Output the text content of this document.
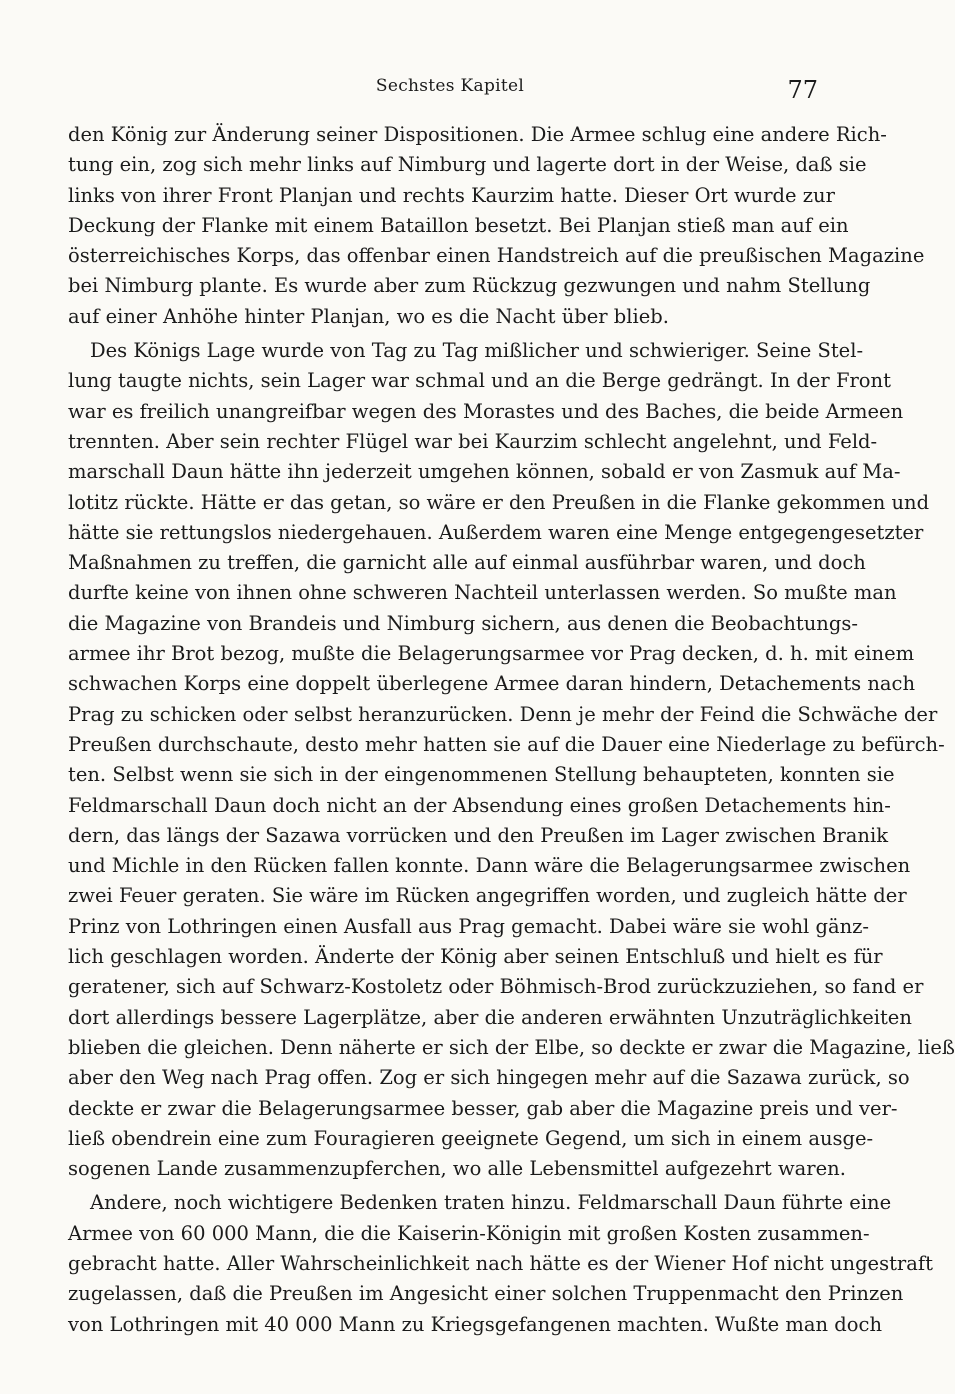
Sechstes Kapitel	77
den König zur Änderung seiner Dispositionen. Die Armee schlug eine andere Rich-
tung ein, zog sich mehr links auf Nimburg und lagerte dort in der Weise, daß sie
links von ihrer Front Planjan und rechts Kaurzim hatte. Dieser Ort wurde zur
Deckung der Flanke mit einem Bataillon besetzt. Bei Planjan stieß man auf ein
österreichisches Korps, das offenbar einen Handstreich auf die preußischen Magazine
bei Nimburg plante. Es wurde aber zum Rückzug gezwungen und nahm Stellung
auf einer Anhöhe hinter Planjan, wo es die Nacht über blieb.
Des Königs Lage wurde von Tag zu Tag mißlicher und schwieriger. Seine Stel-
lung taugte nichts, sein Lager war schmal und an die Berge gedrängt. In der Front
war es freilich unangreifbar wegen des Morastes und des Baches, die beide Armeen
trennten. Aber sein rechter Flügel war bei Kaurzim schlecht angelehnt, und Feld-
marschall Daun hätte ihn jederzeit umgehen können, sobald er von Zasmuk auf Ma-
lotitz rückte. Hätte er das getan, so wäre er den Preußen in die Flanke gekommen und
hätte sie rettungslos niedergehauen. Außerdem waren eine Menge entgegengesetzter
Maßnahmen zu treffen, die garnicht alle auf einmal ausführbar waren, und doch
durfte keine von ihnen ohne schweren Nachteil unterlassen werden. So mußte man
die Magazine von Brandeis und Nimburg sichern, aus denen die Beobachtungs-
armee ihr Brot bezog, mußte die Belagerungsarmee vor Prag decken, d. h. mit einem
schwachen Korps eine doppelt überlegene Armee daran hindern, Detachements nach
Prag zu schicken oder selbst heranzurücken. Denn je mehr der Feind die Schwäche der
Preußen durchschaute, desto mehr hatten sie auf die Dauer eine Niederlage zu befürch-
ten. Selbst wenn sie sich in der eingenommenen Stellung behaupteten, konnten sie
Feldmarschall Daun doch nicht an der Absendung eines großen Detachements hin-
dern, das längs der Sazawa vorrücken und den Preußen im Lager zwischen Branik
und Michle in den Rücken fallen konnte. Dann wäre die Belagerungsarmee zwischen
zwei Feuer geraten. Sie wäre im Rücken angegriffen worden, und zugleich hätte der
Prinz von Lothringen einen Ausfall aus Prag gemacht. Dabei wäre sie wohl gänz-
lich geschlagen worden. Änderte der König aber seinen Entschluß und hielt es für
geratener, sich auf Schwarz-Kostoletz oder Böhmisch-Brod zurückzuziehen, so fand er
dort allerdings bessere Lagerplätze, aber die anderen erwähnten Unzuträglichkeiten
blieben die gleichen. Denn näherte er sich der Elbe, so deckte er zwar die Magazine, ließ
aber den Weg nach Prag offen. Zog er sich hingegen mehr auf die Sazawa zurück, so
deckte er zwar die Belagerungsarmee besser, gab aber die Magazine preis und ver-
ließ obendrein eine zum Fouragieren geeignete Gegend, um sich in einem ausge-
sogenen Lande zusammenzupferchen, wo alle Lebensmittel aufgezehrt waren.
Andere, noch wichtigere Bedenken traten hinzu. Feldmarschall Daun führte eine
Armee von 60 000 Mann, die die Kaiserin-Königin mit großen Kosten zusammen-
gebracht hatte. Aller Wahrscheinlichkeit nach hätte es der Wiener Hof nicht ungestraft
zugelassen, daß die Preußen im Angesicht einer solchen Truppenmacht den Prinzen
von Lothringen mit 40 000 Mann zu Kriegsgefangenen machten. Wußte man doch
